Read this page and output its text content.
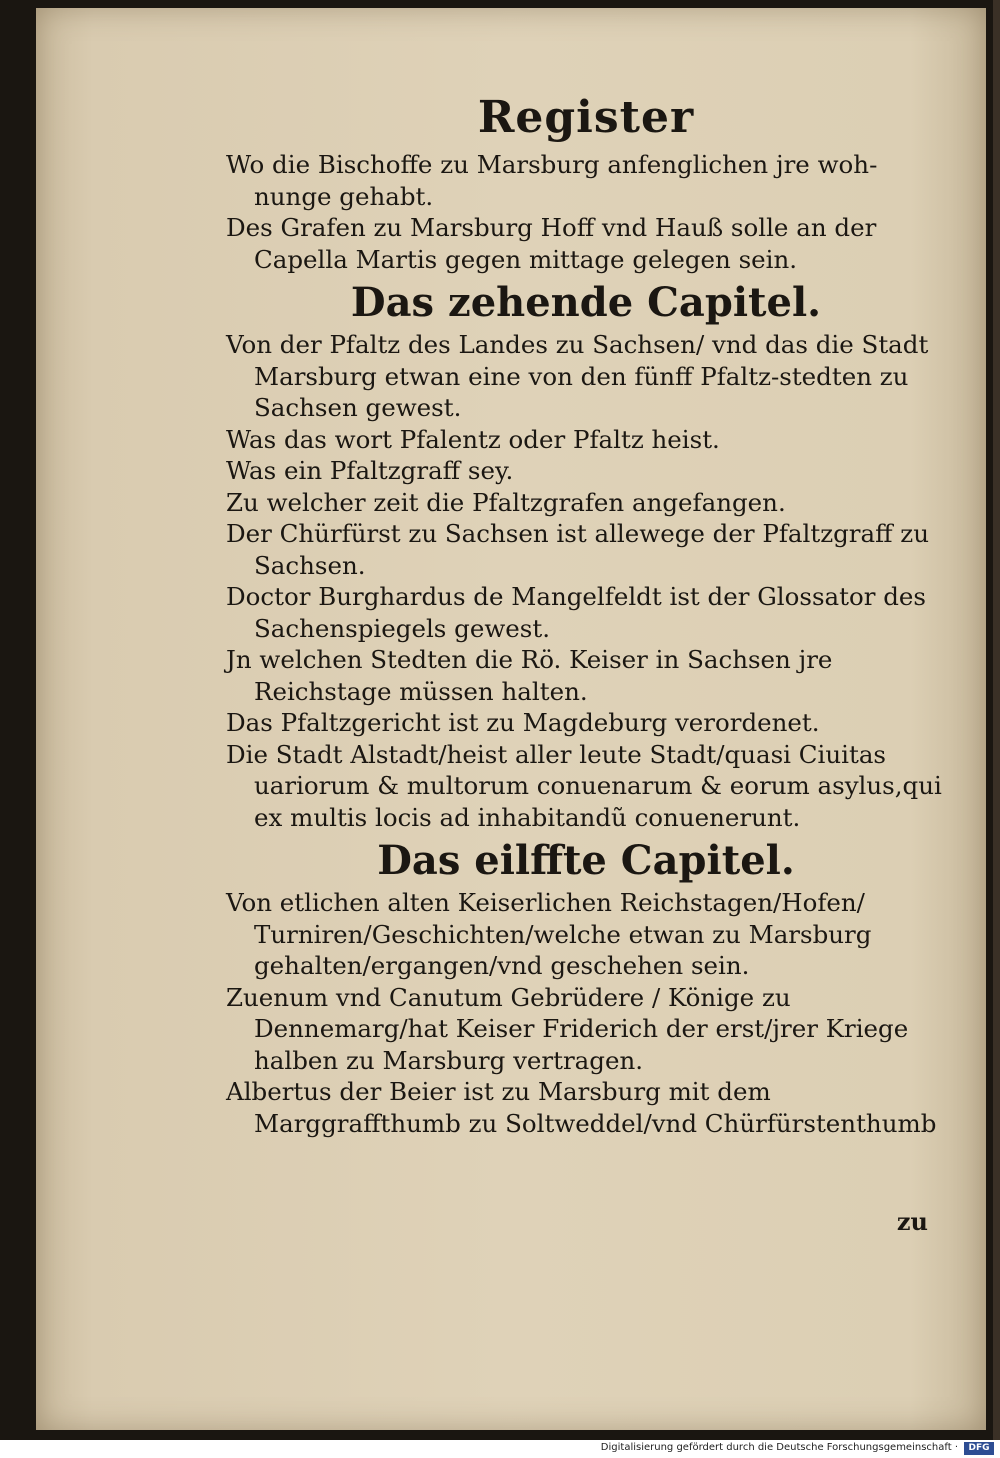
Register

Wo die Bischoffe zu Marsburg anfenglichen jre woh-nunge gehabt.

Des Grafen zu Marsburg Hoff vnd Hauß solle an der Capella Martis gegen mittage gelegen sein.

Das zehende Capitel.

Von der Pfaltz des Landes zu Sachsen/ vnd das die Stadt Marsburg etwan eine von den fünff Pfaltz-stedten zu Sachsen gewest.

Was das wort Pfalentz oder Pfaltz heist.

Was ein Pfaltzgraff sey.

Zu welcher zeit die Pfaltzgrafen angefangen.

Der Chürfürst zu Sachsen ist allewege der Pfaltzgraff zu Sachsen.

Doctor Burghardus de Mangelfeldt ist der Glossator des Sachenspiegels gewest.

Jn welchen Stedten die Rö. Keiser in Sachsen jre Reichstage müssen halten.

Das Pfaltzgericht ist zu Magdeburg verordenet.

Die Stadt Alstadt/heist aller leute Stadt/quasi Ciuitas uariorum & multorum conuenarum & eorum asylus,qui ex multis locis ad inhabitandũ conuenerunt.

Das eilffte Capitel.

Von etlichen alten Keiserlichen Reichstagen/Hofen/ Turniren/Geschichten/welche etwan zu Marsburg gehalten/ergangen/vnd geschehen sein.

Zuenum vnd Canutum Gebrüdere / Könige zu Dennemarg/hat Keiser Friderich der erst/jrer Kriege halben zu Marsburg vertragen.

Albertus der Beier ist zu Marsburg mit dem Marggraffthumb zu Soltweddel/vnd Chürfürstenthumb

zu
Digitalisierung gefördert durch die Deutsche Forschungsgemeinschaft ·	DFG
